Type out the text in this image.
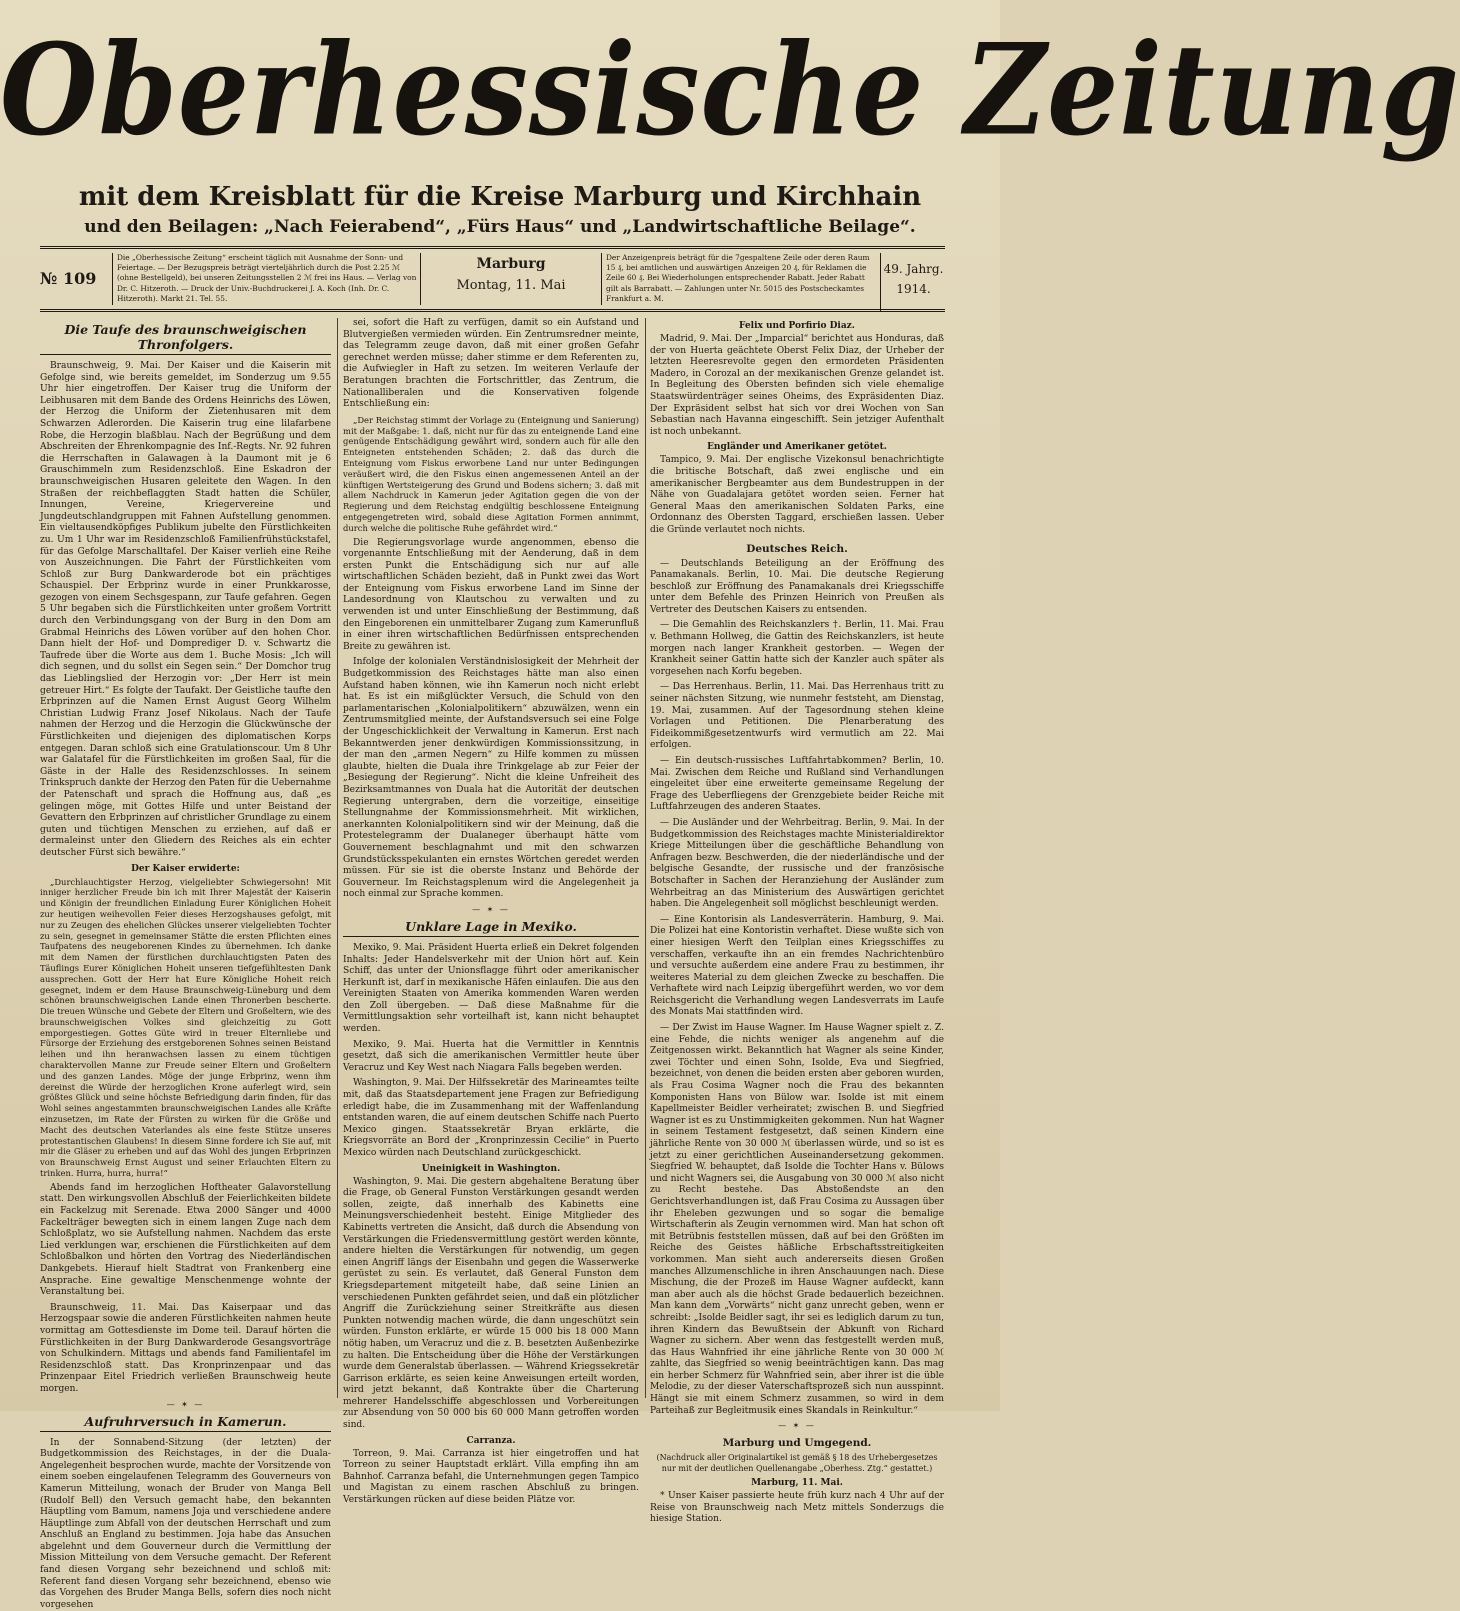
Oberhessische Zeitung
mit dem Kreisblatt für die Kreise Marburg und Kirchhain
und den Beilagen: „Nach Feierabend“, „Fürs Haus“ und „Landwirtschaftliche Beilage“.
№ 109
Die „Oberhessische Zeitung“ erscheint täglich mit Ausnahme der Sonn- und Feiertage. — Der Bezugspreis beträgt vierteljährlich durch die Post 2.25 ℳ (ohne Bestellgeld), bei unseren Zeitungsstellen 2 ℳ frei ins Haus. — Verlag von Dr. C. Hitzeroth. — Druck der Univ.-Buchdruckerei J. A. Koch (Inh. Dr. C. Hitzeroth). Markt 21. Tel. 55.
Marburg
Montag, 11. Mai
Der Anzeigenpreis beträgt für die 7gespaltene Zeile oder deren Raum 15 ₰, bei amtlichen und auswärtigen Anzeigen 20 ₰, für Reklamen die Zeile 60 ₰. Bei Wiederholungen entsprechender Rabatt. Jeder Rabatt gilt als Barrabatt. — Zahlungen unter Nr. 5015 des Postscheckamtes Frankfurt a. M.
49. Jahrg.
1914.
Die Taufe des braunschweigischen Thronfolgers.

Braunschweig, 9. Mai. Der Kaiser und die Kaiserin mit Gefolge sind, wie bereits gemeldet, im Sonderzug um 9.55 Uhr hier eingetroffen. Der Kaiser trug die Uniform der Leibhusaren mit dem Bande des Ordens Heinrichs des Löwen, der Herzog die Uniform der Zietenhusaren mit dem Schwarzen Adlerorden. Die Kaiserin trug eine lilafarbene Robe, die Herzogin blaßblau. Nach der Begrüßung und dem Abschreiten der Ehrenkompagnie des Inf.-Regts. Nr. 92 fuhren die Herrschaften in Galawagen à la Daumont mit je 6 Grauschimmeln zum Residenzschloß. Eine Eskadron der braunschweigischen Husaren geleitete den Wagen. In den Straßen der reichbeflaggten Stadt hatten die Schüler, Innungen, Vereine, Kriegervereine und Jungdeutschlandgruppen mit Fahnen Aufstellung genommen. Ein vieltausendköpfiges Publikum jubelte den Fürstlichkeiten zu. Um 1 Uhr war im Residenzschloß Familienfrühstückstafel, für das Gefolge Marschalltafel. Der Kaiser verlieh eine Reihe von Auszeichnungen. Die Fahrt der Fürstlichkeiten vom Schloß zur Burg Dankwarderode bot ein prächtiges Schauspiel. Der Erbprinz wurde in einer Prunkkarosse, gezogen von einem Sechsgespann, zur Taufe gefahren. Gegen 5 Uhr begaben sich die Fürstlichkeiten unter großem Vortritt durch den Verbindungsgang von der Burg in den Dom am Grabmal Heinrichs des Löwen vorüber auf den hohen Chor. Dann hielt der Hof- und Domprediger D. v. Schwartz die Taufrede über die Worte aus dem 1. Buche Mosis: „Ich will dich segnen, und du sollst ein Segen sein.“ Der Domchor trug das Lieblingslied der Herzogin vor: „Der Herr ist mein getreuer Hirt.“ Es folgte der Taufakt. Der Geistliche taufte den Erbprinzen auf die Namen Ernst August Georg Wilhelm Christian Ludwig Franz Josef Nikolaus. Nach der Taufe nahmen der Herzog und die Herzogin die Glückwünsche der Fürstlichkeiten und diejenigen des diplomatischen Korps entgegen. Daran schloß sich eine Gratulationscour. Um 8 Uhr war Galatafel für die Fürstlichkeiten im großen Saal, für die Gäste in der Halle des Residenzschlosses. In seinem Trinkspruch dankte der Herzog den Paten für die Uebernahme der Patenschaft und sprach die Hoffnung aus, daß „es gelingen möge, mit Gottes Hilfe und unter Beistand der Gevattern den Erbprinzen auf christlicher Grundlage zu einem guten und tüchtigen Menschen zu erziehen, auf daß er dermaleinst unter den Gliedern des Reiches als ein echter deutscher Fürst sich bewähre.“

Der Kaiser erwiderte:

„Durchlauchtigster Herzog, vielgeliebter Schwiegersohn! Mit inniger herzlicher Freude bin ich mit Ihrer Majestät der Kaiserin und Königin der freundlichen Einladung Eurer Königlichen Hoheit zur heutigen weihevollen Feier dieses Herzogshauses gefolgt, mit nur zu Zeugen des ehelichen Glückes unserer vielgeliebten Tochter zu sein, gesegnet in gemeinsamer Stätte die ersten Pflichten eines Taufpatens des neugeborenen Kindes zu übernehmen. Ich danke mit dem Namen der fürstlichen durchlauchtigsten Paten des Täuflings Eurer Königlichen Hoheit unseren tiefgefühltesten Dank aussprechen. Gott der Herr hat Eure Königliche Hoheit reich gesegnet, indem er dem Hause Braunschweig-Lüneburg und dem schönen braunschweigischen Lande einen Thronerben bescherte. Die treuen Wünsche und Gebete der Eltern und Großeltern, wie des braunschweigischen Volkes sind gleichzeitig zu Gott emporgestiegen. Gottes Güte wird in treuer Elternliebe und Fürsorge der Erziehung des erstgeborenen Sohnes seinen Beistand leihen und ihn heranwachsen lassen zu einem tüchtigen charaktervollen Manne zur Freude seiner Eltern und Großeltern und des ganzen Landes. Möge der junge Erbprinz, wenn ihm dereinst die Würde der herzoglichen Krone auferlegt wird, sein größtes Glück und seine höchste Befriedigung darin finden, für das Wohl seines angestammten braunschweigischen Landes alle Kräfte einzusetzen, im Rate der Fürsten zu wirken für die Größe und Macht des deutschen Vaterlandes als eine feste Stütze unseres protestantischen Glaubens! In diesem Sinne fordere ich Sie auf, mit mir die Gläser zu erheben und auf das Wohl des jungen Erbprinzen von Braunschweig Ernst August und seiner Erlauchten Eltern zu trinken. Hurra, hurra, hurra!“

Abends fand im herzoglichen Hoftheater Galavorstellung statt. Den wirkungsvollen Abschluß der Feierlichkeiten bildete ein Fackelzug mit Serenade. Etwa 2000 Sänger und 4000 Fackelträger bewegten sich in einem langen Zuge nach dem Schloßplatz, wo sie Aufstellung nahmen. Nachdem das erste Lied verklungen war, erschienen die Fürstlichkeiten auf dem Schloßbalkon und hörten den Vortrag des Niederländischen Dankgebets. Hierauf hielt Stadtrat von Frankenberg eine Ansprache. Eine gewaltige Menschenmenge wohnte der Veranstaltung bei.

Braunschweig, 11. Mai. Das Kaiserpaar und das Herzogspaar sowie die anderen Fürstlichkeiten nahmen heute vormittag am Gottesdienste im Dome teil. Darauf hörten die Fürstlichkeiten in der Burg Dankwarderode Gesangsvorträge von Schulkindern. Mittags und abends fand Familientafel im Residenzschloß statt. Das Kronprinzenpaar und das Prinzenpaar Eitel Friedrich verließen Braunschweig heute morgen.

— ✶ —
Aufruhrversuch in Kamerun.

In der Sonnabend-Sitzung (der letzten) der Budgetkommission des Reichstages, in der die Duala-Angelegenheit besprochen wurde, machte der Vorsitzende von einem soeben eingelaufenen Telegramm des Gouverneurs von Kamerun Mitteilung, wonach der Bruder von Manga Bell (Rudolf Bell) den Versuch gemacht habe, den bekannten Häuptling vom Bamum, namens Joja und verschiedene andere Häuptlinge zum Abfall von der deutschen Herrschaft und zum Anschluß an England zu bestimmen. Joja habe das Ansuchen abgelehnt und dem Gouverneur durch die Vermittlung der Mission Mitteilung von dem Versuche gemacht. Der Referent fand diesen Vorgang sehr bezeichnend und schloß mit: Referent fand diesen Vorgang sehr bezeichnend, ebenso wie das Vorgehen des Bruder Manga Bells, sofern dies noch nicht vorgesehen

sei, sofort die Haft zu verfügen, damit so ein Aufstand und Blutvergießen vermieden würden. Ein Zentrumsredner meinte, das Telegramm zeuge davon, daß mit einer großen Gefahr gerechnet werden müsse; daher stimme er dem Referenten zu, die Aufwiegler in Haft zu setzen. Im weiteren Verlaufe der Beratungen brachten die Fortschrittler, das Zentrum, die Nationalliberalen und die Konservativen folgende Entschließung ein:

„Der Reichstag stimmt der Vorlage zu (Enteignung und Sanierung) mit der Maßgabe: 1. daß, nicht nur für das zu enteignende Land eine genügende Entschädigung gewährt wird, sondern auch für alle den Enteigneten entstehenden Schäden; 2. daß das durch die Enteignung vom Fiskus erworbene Land nur unter Bedingungen veräußert wird, die den Fiskus einen angemessenen Anteil an der künftigen Wertsteigerung des Grund und Bodens sichern; 3. daß mit allem Nachdruck in Kamerun jeder Agitation gegen die von der Regierung und dem Reichstag endgültig beschlossene Enteignung entgegengetreten wird, sobald diese Agitation Formen annimmt, durch welche die politische Ruhe gefährdet wird.“

Die Regierungsvorlage wurde angenommen, ebenso die vorgenannte Entschließung mit der Aenderung, daß in dem ersten Punkt die Entschädigung sich nur auf alle wirtschaftlichen Schäden bezieht, daß in Punkt zwei das Wort der Enteignung vom Fiskus erworbene Land im Sinne der Landesordnung von Klautschou zu verwalten und zu verwenden ist und unter Einschließung der Bestimmung, daß den Eingeborenen ein unmittelbarer Zugang zum Kamerunfluß in einer ihren wirtschaftlichen Bedürfnissen entsprechenden Breite zu gewähren ist.

Infolge der kolonialen Verständnislosigkeit der Mehrheit der Budgetkommission des Reichstages hätte man also einen Aufstand haben können, wie ihn Kamerun noch nicht erlebt hat. Es ist ein mißglückter Versuch, die Schuld von den parlamentarischen „Kolonialpolitikern“ abzuwälzen, wenn ein Zentrumsmitglied meinte, der Aufstandsversuch sei eine Folge der Ungeschicklichkeit der Verwaltung in Kamerun. Erst nach Bekanntwerden jener denkwürdigen Kommissionssitzung, in der man den „armen Negern“ zu Hilfe kommen zu müssen glaubte, hielten die Duala ihre Trinkgelage ab zur Feier der „Besiegung der Regierung“. Nicht die kleine Unfreiheit des Bezirksamtmannes von Duala hat die Autorität der deutschen Regierung untergraben, dern die vorzeitige, einseitige Stellungnahme der Kommissionsmehrheit. Mit wirklichen, anerkannten Kolonialpolitikern sind wir der Meinung, daß die Protestelegramm der Dualaneger überhaupt hätte vom Gouvernement beschlagnahmt und mit den schwarzen Grundstücksspekulanten ein ernstes Wörtchen geredet werden müssen. Für sie ist die oberste Instanz und Behörde der Gouverneur. Im Reichstagsplenum wird die Angelegenheit ja noch einmal zur Sprache kommen.

— ✶ —
Unklare Lage in Mexiko.

Mexiko, 9. Mai. Präsident Huerta erließ ein Dekret folgenden Inhalts: Jeder Handelsverkehr mit der Union hört auf. Kein Schiff, das unter der Unionsflagge führt oder amerikanischer Herkunft ist, darf in mexikanische Häfen einlaufen. Die aus den Vereinigten Staaten von Amerika kommenden Waren werden den Zoll übergeben. — Daß diese Maßnahme für die Vermittlungsaktion sehr vorteilhaft ist, kann nicht behauptet werden.

Mexiko, 9. Mai. Huerta hat die Vermittler in Kenntnis gesetzt, daß sich die amerikanischen Vermittler heute über Veracruz und Key West nach Niagara Falls begeben werden.

Washington, 9. Mai. Der Hilfssekretär des Marineamtes teilte mit, daß das Staatsdepartement jene Fragen zur Befriedigung erledigt habe, die im Zusammenhang mit der Waffenlandung entstanden waren, die auf einem deutschen Schiffe nach Puerto Mexico gingen. Staatssekretär Bryan erklärte, die Kriegsvorräte an Bord der „Kronprinzessin Cecilie“ in Puerto Mexico würden nach Deutschland zurückgeschickt.

Uneinigkeit in Washington.

Washington, 9. Mai. Die gestern abgehaltene Beratung über die Frage, ob General Funston Verstärkungen gesandt werden sollen, zeigte, daß innerhalb des Kabinetts eine Meinungsverschiedenheit besteht. Einige Mitglieder des Kabinetts vertreten die Ansicht, daß durch die Absendung von Verstärkungen die Friedensvermittlung gestört werden könnte, andere hielten die Verstärkungen für notwendig, um gegen einen Angriff längs der Eisenbahn und gegen die Wasserwerke gerüstet zu sein. Es verlautet, daß General Funston dem Kriegsdepartement mitgeteilt habe, daß seine Linien an verschiedenen Punkten gefährdet seien, und daß ein plötzlicher Angriff die Zurückziehung seiner Streitkräfte aus diesen Punkten notwendig machen würde, die dann ungeschützt sein würden. Funston erklärte, er würde 15 000 bis 18 000 Mann nötig haben, um Veracruz und die z. B. besetzten Außenbezirke zu halten. Die Entscheidung über die Höhe der Verstärkungen wurde dem Generalstab überlassen. — Während Kriegssekretär Garrison erklärte, es seien keine Anweisungen erteilt worden, wird jetzt bekannt, daß Kontrakte über die Charterung mehrerer Handelsschiffe abgeschlossen und Vorbereitungen zur Absendung von 50 000 bis 60 000 Mann getroffen worden sind.

Carranza.

Torreon, 9. Mai. Carranza ist hier eingetroffen und hat Torreon zu seiner Hauptstadt erklärt. Villa empfing ihn am Bahnhof. Carranza befahl, die Unternehmungen gegen Tampico und Magistan zu einem raschen Abschluß zu bringen. Verstärkungen rücken auf diese beiden Plätze vor.

Felix und Porfirio Diaz.

Madrid, 9. Mai. Der „Imparcial“ berichtet aus Honduras, daß der von Huerta geächtete Oberst Felix Diaz, der Urheber der letzten Heeresrevolte gegen den ermordeten Präsidenten Madero, in Corozal an der mexikanischen Grenze gelandet ist. In Begleitung des Obersten befinden sich viele ehemalige Staatswürdenträger seines Oheims, des Expräsidenten Diaz. Der Expräsident selbst hat sich vor drei Wochen von San Sebastian nach Havanna eingeschifft. Sein jetziger Aufenthalt ist noch unbekannt.

Engländer und Amerikaner getötet.

Tampico, 9. Mai. Der englische Vizekonsul benachrichtigte die britische Botschaft, daß zwei englische und ein amerikanischer Bergbeamter aus dem Bundestruppen in der Nähe von Guadalajara getötet worden seien. Ferner hat General Maas den amerikanischen Soldaten Parks, eine Ordonnanz des Obersten Taggard, erschießen lassen. Ueber die Gründe verlautet noch nichts.

Deutsches Reich.

— Deutschlands Beteiligung an der Eröffnung des Panamakanals. Berlin, 10. Mai. Die deutsche Regierung beschloß zur Eröffnung des Panamakanals drei Kriegsschiffe unter dem Befehle des Prinzen Heinrich von Preußen als Vertreter des Deutschen Kaisers zu entsenden.

— Die Gemahlin des Reichskanzlers †. Berlin, 11. Mai. Frau v. Bethmann Hollweg, die Gattin des Reichskanzlers, ist heute morgen nach langer Krankheit gestorben. — Wegen der Krankheit seiner Gattin hatte sich der Kanzler auch später als vorgesehen nach Korfu begeben.

— Das Herrenhaus. Berlin, 11. Mai. Das Herrenhaus tritt zu seiner nächsten Sitzung, wie nunmehr feststeht, am Dienstag, 19. Mai, zusammen. Auf der Tagesordnung stehen kleine Vorlagen und Petitionen. Die Plenarberatung des Fideikommißgesetzentwurfs wird vermutlich am 22. Mai erfolgen.

— Ein deutsch-russisches Luftfahrtabkommen? Berlin, 10. Mai. Zwischen dem Reiche und Rußland sind Verhandlungen eingeleitet über eine erweiterte gemeinsame Regelung der Frage des Ueberfliegens der Grenzgebiete beider Reiche mit Luftfahrzeugen des anderen Staates.

— Die Ausländer und der Wehrbeitrag. Berlin, 9. Mai. In der Budgetkommission des Reichstages machte Ministerialdirektor Kriege Mitteilungen über die geschäftliche Behandlung von Anfragen bezw. Beschwerden, die der niederländische und der belgische Gesandte, der russische und der französische Botschafter in Sachen der Heranziehung der Ausländer zum Wehrbeitrag an das Ministerium des Auswärtigen gerichtet haben. Die Angelegenheit soll möglichst beschleunigt werden.

— Eine Kontorisin als Landesverräterin. Hamburg, 9. Mai. Die Polizei hat eine Kontoristin verhaftet. Diese wußte sich von einer hiesigen Werft den Teilplan eines Kriegsschiffes zu verschaffen, verkaufte ihn an ein fremdes Nachrichtenbüro und versuchte außerdem eine andere Frau zu bestimmen, ihr weiteres Material zu dem gleichen Zwecke zu beschaffen. Die Verhaftete wird nach Leipzig übergeführt werden, wo vor dem Reichsgericht die Verhandlung wegen Landesverrats im Laufe des Monats Mai stattfinden wird.

— Der Zwist im Hause Wagner. Im Hause Wagner spielt z. Z. eine Fehde, die nichts weniger als angenehm auf die Zeitgenossen wirkt. Bekanntlich hat Wagner als seine Kinder, zwei Töchter und einen Sohn, Isolde, Eva und Siegfried, bezeichnet, von denen die beiden ersten aber geboren wurden, als Frau Cosima Wagner noch die Frau des bekannten Komponisten Hans von Bülow war. Isolde ist mit einem Kapellmeister Beidler verheiratet; zwischen B. und Siegfried Wagner ist es zu Unstimmigkeiten gekommen. Nun hat Wagner in seinem Testament festgesetzt, daß seinen Kindern eine jährliche Rente von 30 000 ℳ überlassen würde, und so ist es jetzt zu einer gerichtlichen Auseinandersetzung gekommen. Siegfried W. behauptet, daß Isolde die Tochter Hans v. Bülows und nicht Wagners sei, die Ausgabung von 30 000 ℳ also nicht zu Recht bestehe. Das Abstoßendste an den Gerichtsverhandlungen ist, daß Frau Cosima zu Aussagen über ihr Eheleben gezwungen und so sogar die bemalige Wirtschafterin als Zeugin vernommen wird. Man hat schon oft mit Betrübnis feststellen müssen, daß auf bei den Größten im Reiche des Geistes häßliche Erbschaftsstreitigkeiten vorkommen. Man sieht auch andererseits diesen Großen manches Allzumenschliche in ihren Anschauungen nach. Diese Mischung, die der Prozeß im Hause Wagner aufdeckt, kann man aber auch als die höchst Grade bedauerlich bezeichnen. Man kann dem „Vorwärts“ nicht ganz unrecht geben, wenn er schreibt: „Isolde Beidler sagt, ihr sei es lediglich darum zu tun, ihren Kindern das Bewußtsein der Abkunft von Richard Wagner zu sichern. Aber wenn das festgestellt werden muß, das Haus Wahnfried ihr eine jährliche Rente von 30 000 ℳ zahlte, das Siegfried so wenig beeinträchtigen kann. Das mag ein herber Schmerz für Wahnfried sein, aber ihrer ist die üble Melodie, zu der dieser Vaterschaftsprozeß sich nun ausspinnt. Hängt sie mit einem Schmerz zusammen, so wird in dem Parteihaß zur Begleitmusik eines Skandals in Reinkultur.“

— ✶ —
Marburg und Umgegend.

(Nachdruck aller Originalartikel ist gemäß § 18 des Urhebergesetzes nur mit der deutlichen Quellenangabe „Oberhess. Ztg.“ gestattet.)

Marburg, 11. Mai.

* Unser Kaiser passierte heute früh kurz nach 4 Uhr auf der Reise von Braunschweig nach Metz mittels Sonderzugs die hiesige Station.
